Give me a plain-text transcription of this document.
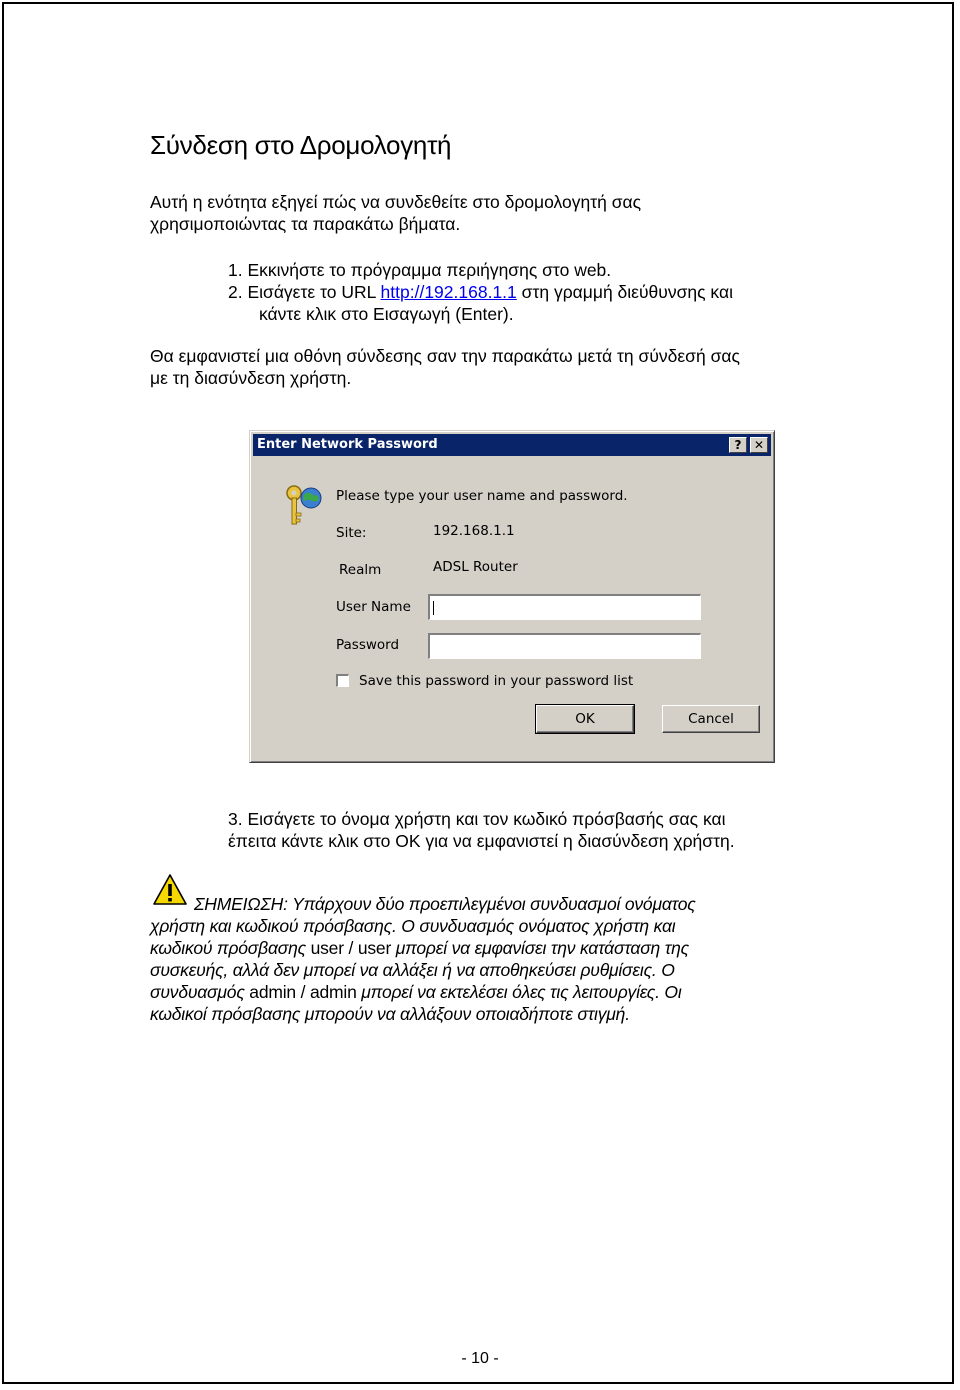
Σύνδεση στο Δρομολογητή
Αυτή η ενότητα εξηγεί πώς να συνδεθείτε στο δρομολογητή σας
χρησιμοποιώντας τα παρακάτω βήματα.
1. Εκκινήστε το πρόγραμμα περιήγησης στο web.
2. Εισάγετε το URL http://192.168.1.1 στη γραμμή διεύθυνσης και
κάντε κλικ στο Εισαγωγή (Enter).
Θα εμφανιστεί μια οθόνη σύνδεσης σαν την παρακάτω μετά τη σύνδεσή σας
με τη διασύνδεση χρήστη.
Enter Network Password	?	✕
Please type your user name and password.
Site:	192.168.1.1
Realm	ADSL Router
User Name
Password
Save this password in your password list
OK	Cancel
3. Εισάγετε το όνομα χρήστη και τον κωδικό πρόσβασής σας και
έπειτα κάντε κλικ στο OK για να εμφανιστεί η διασύνδεση χρήστη.
ΣΗΜΕΙΩΣΗ: Υπάρχουν δύο προεπιλεγμένοι συνδυασμοί ονόματος
χρήστη και κωδικού πρόσβασης. Ο συνδυασμός ονόματος χρήστη και
κωδικού πρόσβασης user / user μπορεί να εμφανίσει την κατάσταση της
συσκευής, αλλά δεν μπορεί να αλλάξει ή να αποθηκεύσει ρυθμίσεις. Ο
συνδυασμός admin / admin μπορεί να εκτελέσει όλες τις λειτουργίες. Οι
κωδικοί πρόσβασης μπορούν να αλλάξουν οποιαδήποτε στιγμή.
- 10 -
